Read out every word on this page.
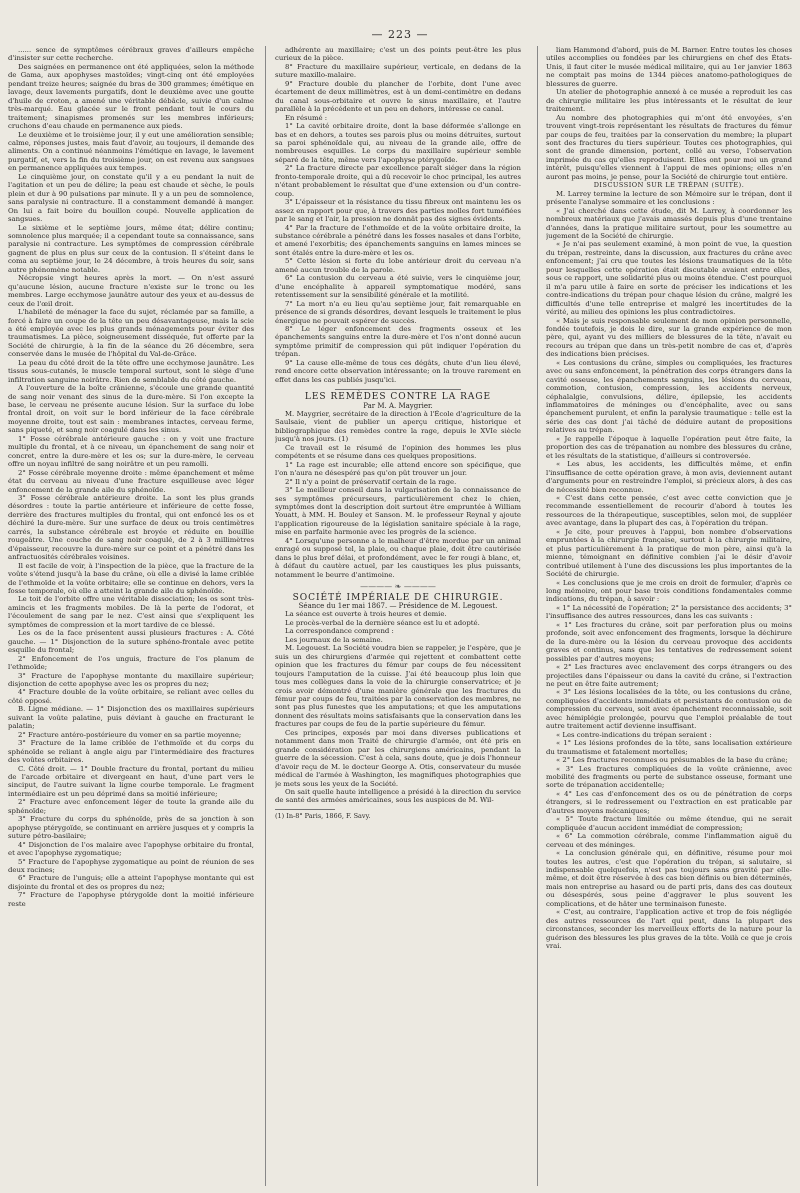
— 223 —

...... sence de symptômes cérébraux graves d'ailleurs empêche d'insister sur cette recherche.

Des saignées en permanence ont été appliquées, selon la méthode de Gama, aux apophyses mastoïdes; vingt-cinq ont été employées pendant treize heures; saignée du bras de 300 grammes; émétique en lavage, deux lavements purgatifs, dont le deuxième avec une goutte d'huile de croton, a amené une véritable débâcle, suivie d'un calme très-marqué. Eau glacée sur le front pendant tout le cours du traitement; sinapismes promenés sur les membres inférieurs; cruchons d'eau chaude en permanence aux pieds.

Le deuxième et le troisième jour, il y eut une amélioration sensible; calme, réponses justes, mais faut d'avoir, au toujours, il demande des aliments. On a continué néanmoins l'émétique en lavage, le lavement purgatif, et, vers la fin du troisième jour, on est revenu aux sangsues en permanence appliquées aux tempes.

Le cinquième jour, on constate qu'il y a eu pendant la nuit de l'agitation et un peu de délire; la peau est chaude et sèche, le pouls plein et dur à 90 pulsations par minute. Il y a un peu de somnolence, sans paralysie ni contracture. Il a constamment demandé à manger. On lui a fait boire du bouillon coupé. Nouvelle application de sangsues.

Le sixième et le septième jours, même état; délire continu; somnolence plus marquée; il a cependant toute sa connaissance, sans paralysie ni contracture. Les symptômes de compression cérébrale gagnent de plus en plus sur ceux de la contusion. Il s'éteint dans le coma au septième jour, le 24 décembre, à trois heures du soir, sans autre phénomène notable.

Nécropsie vingt heures après la mort. — On n'est assuré qu'aucune lésion, aucune fracture n'existe sur le tronc ou les membres. Large ecchymose jaunâtre autour des yeux et au-dessus de ceux de l'œil droit.

L'habileté de ménager la face du sujet, réclamée par sa famille, a forcé à faire un coupe de la tête un peu désavantageuse, mais la scie a été employée avec les plus grands ménagements pour éviter des traumatismes. La pièce, soigneusement disséquée, fut offerte par la Société de chirurgie, à la fin de la séance du 26 décembre, sera conservée dans le musée de l'hôpital du Val-de-Grâce.

La peau du côté droit de la tête offre une ecchymose jaunâtre. Les tissus sous-cutanés, le muscle temporal surtout, sont le siège d'une infiltration sanguine noirâtre. Rien de semblable du côté gauche.

A l'ouverture de la boîte crânienne, s'écoule une grande quantité de sang noir venant des sinus de la dure-mère. Si l'on excepte la base, le cerveau ne présente aucune lésion. Sur la surface du lobe frontal droit, on voit sur le bord inférieur de la face cérébrale moyenne droite, tout est sain : membranes intactes, cerveau ferme, sans piqueté, et sang noir coagulé dans les sinus.

1° Fosse cérébrale antérieure gauche : on y voit une fracture multiple du frontal, et à ce niveau, un épanchement de sang noir et concret, entre la dure-mère et les os; sur la dure-mère, le cerveau offre un noyau infiltré de sang noirâtre et un peu ramolli.

2° Fosse cérébrale moyenne droite : même épanchement et même état du cerveau au niveau d'une fracture esquilleuse avec léger enfoncement de la grande aile du sphénoïde.

3° Fosse cérébrale antérieure droite. La sont les plus grands désordres : toute la partie antérieure et inférieure de cette fosse, derrière des fractures multiples du frontal, qui ont enfoncé les os et déchiré la dure-mère. Sur une surface de deux ou trois centimètres carrés, la substance cérébrale est broyée et réduite en bouillie rougeâtre. Une couche de sang noir coagulé, de 2 à 3 millimètres d'épaisseur, recouvre la dure-mère sur ce point et a pénétré dans les anfractuosités cérébrales voisines.

Il est facile de voir, à l'inspection de la pièce, que la fracture de la voûte s'étend jusqu'à la base du crâne, où elle a divisé la lame criblée de l'ethmoïde et la voûte orbitaire; elle se continue en dehors, vers la fosse temporale, où elle a atteint la grande aile du sphénoïde.

Le toit de l'orbite offre une véritable dissociation; les os sont très-amincis et les fragments mobiles. De là la perte de l'odorat, et l'écoulement de sang par le nez. C'est ainsi que s'expliquent les symptômes de compression et la mort tardive de ce blessé.

Les os de la face présentent aussi plusieurs fractures : A. Côté gauche. — 1° Disjonction de la suture sphéno-frontale avec petite esquille du frontal;

2° Enfoncement de l'os unguis, fracture de l'os planum de l'ethmoïde;

3° Fracture de l'apophyse montante du maxillaire supérieur; disjonction de cette apophyse avec les os propres du nez;

4° Fracture double de la voûte orbitaire, se reliant avec celles du côté opposé.

B. Ligne médiane. — 1° Disjonction des os maxillaires supérieurs suivant la voûte palatine, puis déviant à gauche en fracturant le palatin;

2° Fracture antéro-postérieure du vomer en sa partie moyenne;

3° Fracture de la lame criblée de l'ethmoïde et du corps du sphénoïde se reliant à angle aigu par l'intermédiaire des fractures des voûtes orbitaires.

C. Côté droit. — 1° Double fracture du frontal, portant du milieu de l'arcade orbitaire et divergeant en haut, d'une part vers le sinciput, de l'autre suivant la ligne courbe temporale. Le fragment intermédiaire est un peu déprimé dans sa moitié inférieure;

2° Fracture avec enfoncement léger de toute la grande aile du sphénoïde;

3° Fracture du corps du sphénoïde, près de sa jonction à son apophyse ptérygoïde, se continuant en arrière jusques et y compris la suture pétro-basilaire;

4° Disjonction de l'os malaire avec l'apophyse orbitaire du frontal, et avec l'apophyse zygomatique;

5° Fracture de l'apophyse zygomatique au point de réunion de ses deux racines;

6° Fracture de l'unguis; elle a atteint l'apophyse montante qui est disjointe du frontal et des os propres du nez;

7° Fracture de l'apophyse ptérygoïde dont la moitié inférieure reste

adhérente au maxillaire; c'est un des points peut-être les plus curieux de la pièce.

8° Fracture du maxillaire supérieur, verticale, en dedans de la suture maxillo-malaire.

9° Fracture double du plancher de l'orbite, dont l'une avec écartement de deux millimètres, est à un demi-centimètre en dedans du canal sous-orbitaire et ouvre le sinus maxillaire, et l'autre parallèle à la précédente et un peu en dehors, intéresse ce canal.

En résumé :

1° La cavité orbitaire droite, dont la base déformée s'allonge en bas et en dehors, a toutes ses parois plus ou moins détruites, surtout sa paroi sphénoïdale qui, au niveau de la grande aile, offre de nombreuses esquilles. Le corps du maxillaire supérieur semble séparé de la tête, même vers l'apophyse ptérygoïde.

2° La fracture directe par excellence paraît siéger dans la région fronto-temporale droite, qui a dû recevoir le choc principal, les autres n'étant probablement le résultat que d'une extension ou d'un contre-coup.

3° L'épaisseur et la résistance du tissu fibreux ont maintenu les os assez en rapport pour que, à travers des parties molles fort tuméfiées par le sang et l'air, la pression ne donnât pas des signes évidents.

4° Par la fracture de l'ethmoïde et de la voûte orbitaire droite, la substance cérébrale a pénétré dans les fosses nasales et dans l'orbite, et amené l'exorbitis; des épanchements sanguins en lames minces se sont étalés entre la dure-mère et les os.

5° Cette lésion si forte du lobe antérieur droit du cerveau n'a amené aucun trouble de la parole.

6° La contusion du cerveau a été suivie, vers le cinquième jour, d'une encéphalite à appareil symptomatique modéré, sans retentissement sur la sensibilité générale et la motilité.

7° La mort n'a eu lieu qu'au septième jour, fait remarquable en présence de si grands désordres, devant lesquels le traitement le plus énergique ne pouvait espérer de succès.

8° Le léger enfoncement des fragments osseux et les épanchements sanguins entre la dure-mère et l'os n'ont donné aucun symptôme primitif de compression qui pût indiquer l'opération du trépan.

9° La cause elle-même de tous ces dégâts, chute d'un lieu élevé, rend encore cette observation intéressante; on la trouve rarement en effet dans les cas publiés jusqu'ici.

LES REMÈDES CONTRE LA RAGE

Par M. A. Maygrier.

M. Maygrier, secrétaire de la direction à l'École d'agriculture de la Saulsaie, vient de publier un aperçu critique, historique et bibliographique des remèdes contre la rage, depuis le XVIe siècle jusqu'à nos jours. (1)

Ce travail est le résumé de l'opinion des hommes les plus compétents et se résume dans ces quelques propositions.

1° La rage est incurable; elle attend encore son spécifique, que l'on n'aura ne désespéré pas qu'on pût trouver un jour.

2° Il n'y a point de préservatif certain de la rage.

3° Le meilleur conseil dans la vulgarisation de la connaissance de ses symptômes précurseurs, particulièrement chez le chien, symptômes dont la description doit surtout être empruntée à William Youatt, à MM. H. Bouley et Sanson. M. le professeur Reynal y ajoute l'application rigoureuse de la législation sanitaire spéciale à la rage, mise en parfaite harmonie avec les progrès de la science.

4° Lorsqu'une personne a le malheur d'être mordue par un animal enragé ou supposé tel, la plaie, ou chaque plaie, doit être cautérisée dans le plus bref délai, et profondément, avec le fer rougi à blanc, et, à défaut du cautère actuel, par les caustiques les plus puissants, notamment le beurre d'antimoine.

———— ❧ ————

SOCIÉTÉ IMPÉRIALE DE CHIRURGIE.

Séance du 1er mai 1867. — Présidence de M. Legouest.

La séance est ouverte à trois heures et demie.

Le procès-verbal de la dernière séance est lu et adopté.

La correspondance comprend :

Les journaux de la semaine.

M. Legouest. La Société voudra bien se rappeler, je l'espère, que je suis un des chirurgiens d'armée qui rejettent et combattent cette opinion que les fractures du fémur par coups de feu nécessitent toujours l'amputation de la cuisse. J'ai été beaucoup plus loin que tous mes collègues dans la voie de la chirurgie conservatrice; et je crois avoir démontré d'une manière générale que les fractures du fémur par coups de feu, traitées par la conservation des membres, ne sont pas plus funestes que les amputations; et que les amputations donnent des résultats moins satisfaisants que la conservation dans les fractures par coups de feu de la partie supérieure du fémur.

Ces principes, exposés par moi dans diverses publications et notamment dans mon Traité de chirurgie d'armée, ont été pris en grande considération par les chirurgiens américains, pendant la guerre de la sécession. C'est à cela, sans doute, que je dois l'honneur d'avoir reçu de M. le docteur George A. Otis, conservateur du musée médical de l'armée à Washington, les magnifiques photographies que je mets sous les yeux de la Société.

On sait quelle haute intelligence a présidé à la direction du service de santé des armées américaines, sous les auspices de M. Wil-

(1) In-8° Paris, 1866, F. Savy.

liam Hammond d'abord, puis de M. Barner. Entre toutes les choses utiles accomplies ou fondées par les chirurgiens en chef des États-Unis, il faut citer le musée médical militaire, qui au 1er janvier 1863 ne comptait pas moins de 1344 pièces anatomo-pathologiques de blessures de guerre.

Un atelier de photographie annexé à ce musée a reproduit les cas de chirurgie militaire les plus intéressants et le résultat de leur traitement.

Au nombre des photographies qui m'ont été envoyées, s'en trouvent vingt-trois représentant les résultats de fractures du fémur par coups de feu, traitées par la conservation du membre; la plupart sont des fractures du tiers supérieur. Toutes ces photographies, qui sont de grande dimension, portent, collé au verso, l'observation imprimée du cas qu'elles reproduisent. Elles ont pour moi un grand intérêt, puisqu'elles viennent à l'appui de mes opinions; elles n'en auront pas moins, je pense, pour la Société de chirurgie tout entière.

DISCUSSION SUR LE TRÉPAN (SUITE).

M. Larrey termine la lecture de son Mémoire sur le trépan, dont il présente l'analyse sommaire et les conclusions :

« J'ai cherché dans cette étude, dit M. Larrey, à coordonner les nombreux matériaux que j'avais amassés depuis plus d'une trentaine d'années, dans la pratique militaire surtout, pour les soumettre au jugement de la Société de chirurgie.

« Je n'ai pas seulement examiné, à mon point de vue, la question du trépan, restreinte, dans la discussion, aux fractures du crâne avec enfoncement; j'ai cru que toutes les lésions traumatiques de la tête pour lesquelles cette opération était discutable avaient entre elles, sous ce rapport, une solidarité plus ou moins étendue. C'est pourquoi il m'a paru utile à faire en sorte de préciser les indications et les contre-indications du trépan pour chaque lésion du crâne, malgré les difficultés d'une telle entreprise et malgré les incertitudes de la vérité, au milieu des opinions les plus contradictoires.

« Mais je suis responsable seulement de mon opinion personnelle, fondée toutefois, je dois le dire, sur la grande expérience de mon père, qui, ayant vu des milliers de blessures de la tête, n'avait eu recours au trépan que dans un très-petit nombre de cas et, d'après des indications bien précises.

« Les contusions du crâne, simples ou compliquées, les fractures avec ou sans enfoncement, la pénétration des corps étrangers dans la cavité osseuse, les épanchements sanguins, les lésions du cerveau, commotion, contusion, compression, les accidents nerveux, céphalalgie, convulsions, délire, épilepsie, les accidents inflammatoires de méninges ou d'encéphalite, avec ou sans épanchement purulent, et enfin la paralysie traumatique : telle est la série des cas dont j'ai tâché de déduire autant de propositions relatives au trépan.

« Je rappelle l'époque à laquelle l'opération peut être faite, la proportion des cas de trépanation au nombre des blessures du crâne, et les résultats de la statistique, d'ailleurs si controversée.

« Les abus, les accidents, les difficultés même, et enfin l'insuffisance de cette opération grave, à mon avis, deviennent autant d'arguments pour en restreindre l'emploi, si précieux alors, à des cas de nécessité bien reconnue.

« C'est dans cette pensée, c'est avec cette conviction que je recommande essentiellement de recourir d'abord à toutes les ressources de la thérapeutique, susceptibles, selon moi, de suppléer avec avantage, dans la plupart des cas, à l'opération du trépan.

« Je cite, pour preuves à l'appui, bon nombre d'observations empruntées à la chirurgie française, surtout à la chirurgie militaire, et plus particulièrement à la pratique de mon père, ainsi qu'à la mienne, témoignant en définitive combien j'ai le désir d'avoir contribué utilement à l'une des discussions les plus importantes de la Société de chirurgie.

« Les conclusions que je me crois en droit de formuler, d'après ce long mémoire, ont pour base trois conditions fondamentales comme indications, du trépan, à savoir :

« 1° La nécessité de l'opération; 2° la persistance des accidents; 3° l'insuffisance des autres ressources, dans les cas suivants :

« 1° Les fractures du crâne, soit par perforation plus ou moins profonde, soit avec enfoncement des fragments, lorsque la déchirure de la dure-mère ou la lésion du cerveau provoque des accidents graves et continus, sans que les tentatives de redressement soient possibles par d'autres moyens;

« 2° Les fractures avec enclavement des corps étrangers ou des projectiles dans l'épaisseur ou dans la cavité du crâne, si l'extraction ne peut en être faite autrement;

« 3° Les lésions localisées de la tête, ou les contusions du crâne, compliquées d'accidents immédiats et persistants de contusion ou de compression du cerveau, soit avec épanchement reconnaissable, soit avec hémiplégie prolongée, pourvu que l'emploi préalable de tout autre traitement actif devienne insuffisant.

« Les contre-indications du trépan seraient :

« 1° Les lésions profondes de la tête, sans localisation extérieure du traumatisme et fatalement mortelles;

« 2° Les fractures reconnues ou présumables de la base du crâne;

« 3° Les fractures compliquées de la voûte crânienne, avec mobilité des fragments ou perte de substance osseuse, formant une sorte de trépanation accidentelle;

« 4° Les cas d'enfoncement des os ou de pénétration de corps étrangers, si le redressement ou l'extraction en est praticable par d'autres moyens mécaniques;

« 5° Toute fracture limitée ou même étendue, qui ne serait compliquée d'aucun accident immédiat de compression;

« 6° La commotion cérébrale, comme l'inflammation aiguë du cerveau et des méninges.

« La conclusion générale qui, en définitive, résume pour moi toutes les autres, c'est que l'opération du trépan, si salutaire, si indispensable quelquefois, n'est pas toujours sans gravité par elle-même, et doit être réservée à des cas bien définis ou bien déterminés, mais non entreprise au hasard ou de parti pris, dans des cas douteux ou désespérés, sous peine d'aggraver le plus souvent les complications, et de hâter une terminaison funeste.

« C'est, au contraire, l'application active et trop de fois négligée des autres ressources de l'art qui peut, dans la plupart des circonstances, seconder les merveilleux efforts de la nature pour la guérison des blessures les plus graves de la tête. Voilà ce que je crois vrai.
